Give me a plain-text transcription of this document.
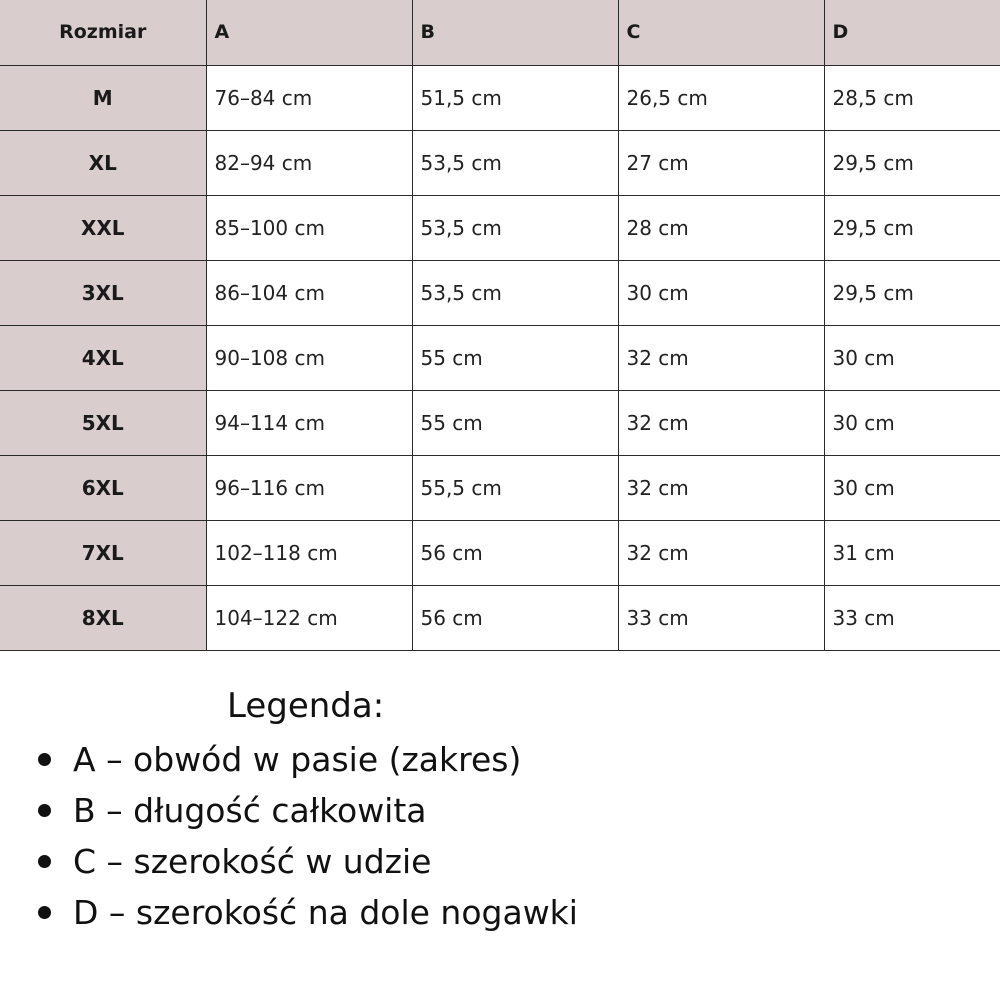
Rozmiar	A	B	C	D
M	76–84 cm	51,5 cm	26,5 cm	28,5 cm
XL	82–94 cm	53,5 cm	27 cm	29,5 cm
XXL	85–100 cm	53,5 cm	28 cm	29,5 cm
3XL	86–104 cm	53,5 cm	30 cm	29,5 cm
4XL	90–108 cm	55 cm	32 cm	30 cm
5XL	94–114 cm	55 cm	32 cm	30 cm
6XL	96–116 cm	55,5 cm	32 cm	30 cm
7XL	102–118 cm	56 cm	32 cm	31 cm
8XL	104–122 cm	56 cm	33 cm	33 cm

Legenda:

A – obwód w pasie (zakres)
B – długość całkowita
C – szerokość w udzie
D – szerokość na dole nogawki
